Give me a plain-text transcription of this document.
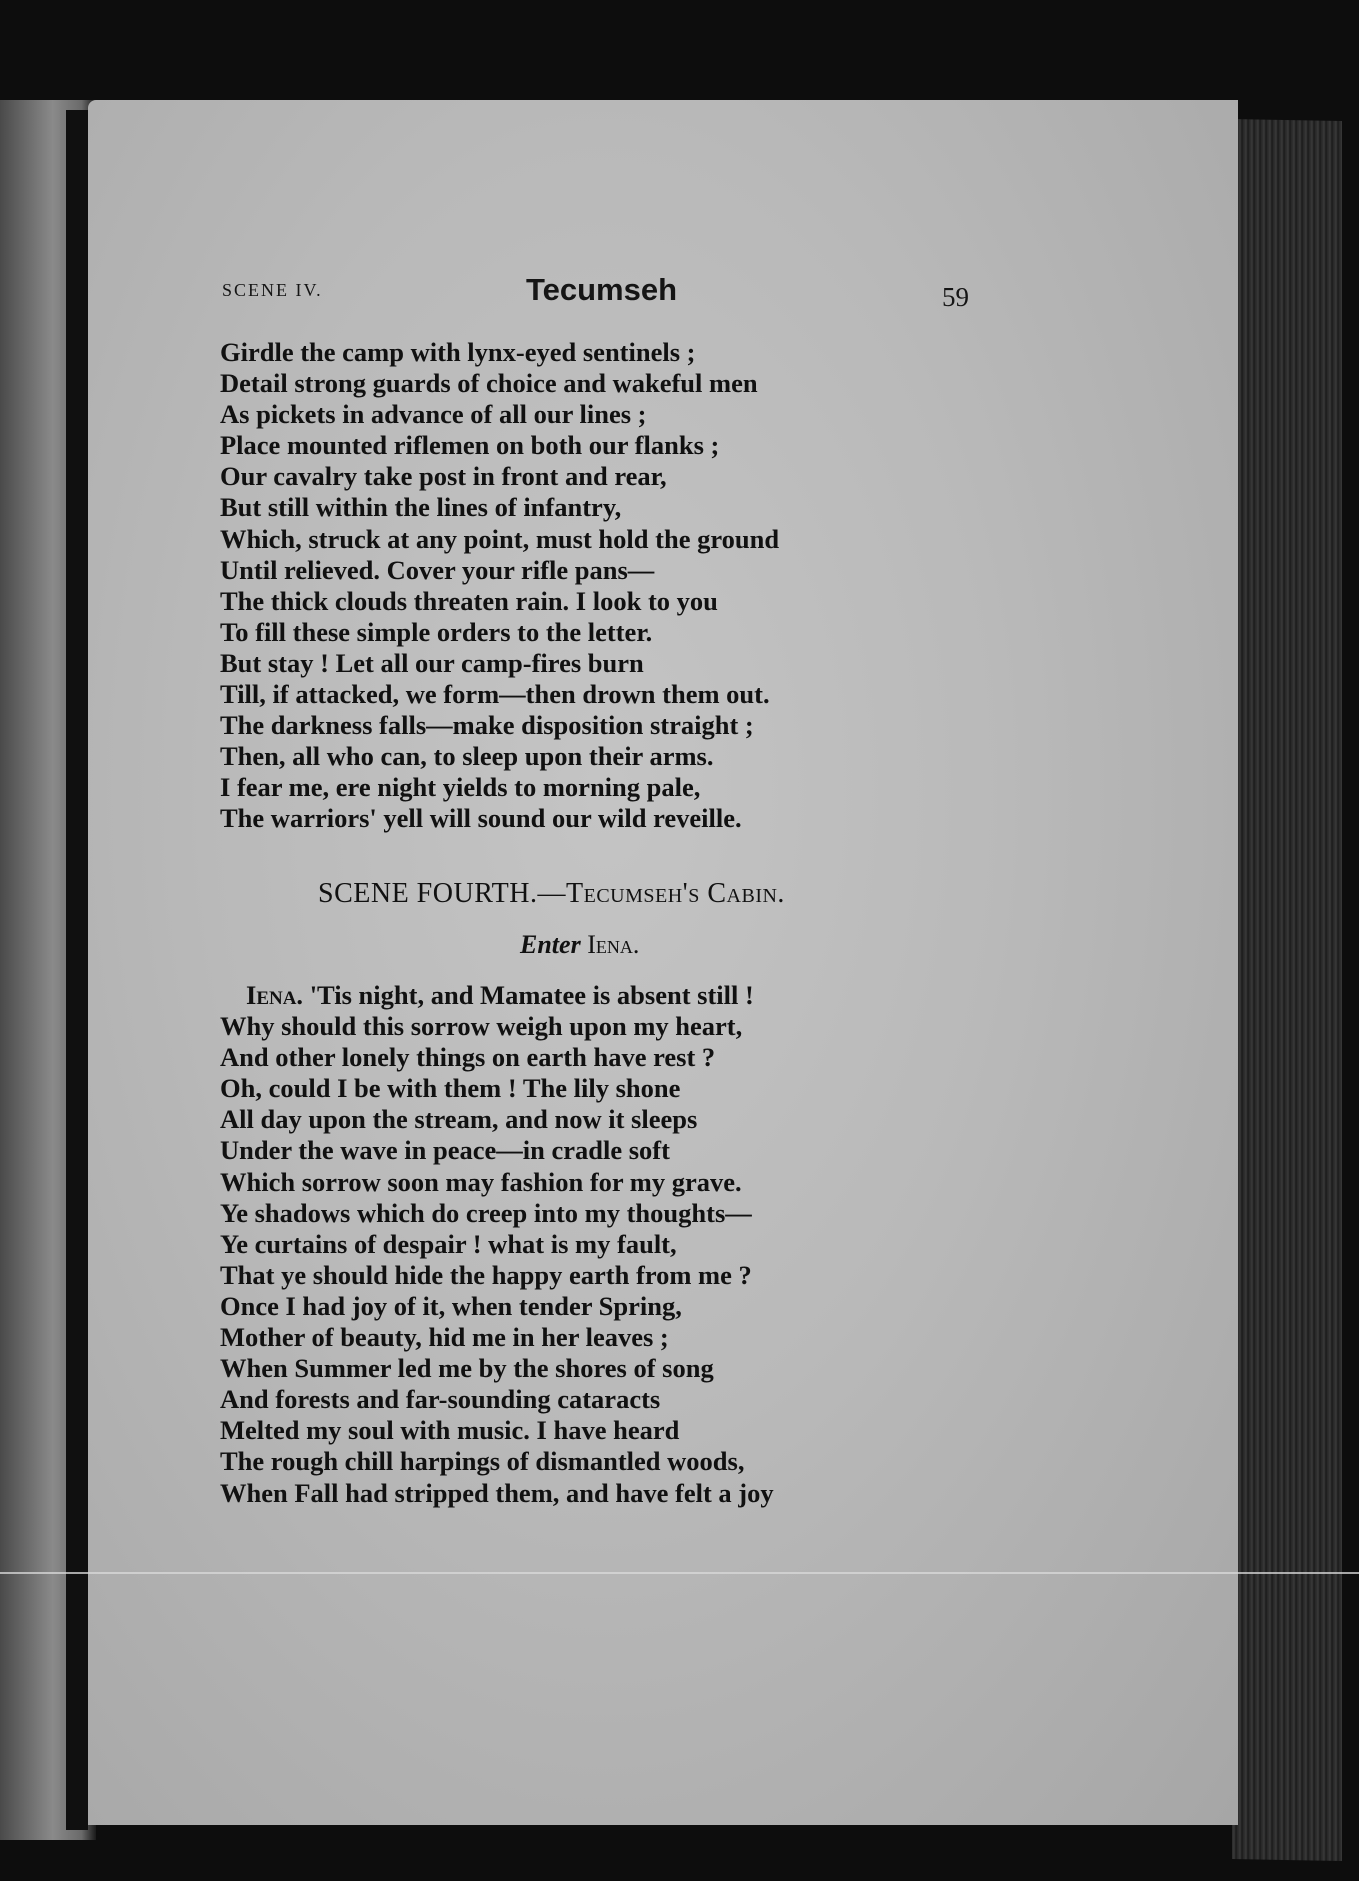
SCENE IV.	Tecumseh	59
Girdle the camp with lynx-eyed sentinels ;
Detail strong guards of choice and wakeful men
As pickets in advance of all our lines ;
Place mounted riflemen on both our flanks ;
Our cavalry take post in front and rear,
But still within the lines of infantry,
Which, struck at any point, must hold the ground
Until relieved. Cover your rifle pans—
The thick clouds threaten rain. I look to you
To fill these simple orders to the letter.
But stay ! Let all our camp-fires burn
Till, if attacked, we form—then drown them out.
The darkness falls—make disposition straight ;
Then, all who can, to sleep upon their arms.
I fear me, ere night yields to morning pale,
The warriors' yell will sound our wild reveille.
SCENE FOURTH.—Tecumseh's Cabin.
Enter Iena.
Iena. 'Tis night, and Mamatee is absent still !
Why should this sorrow weigh upon my heart,
And other lonely things on earth have rest ?
Oh, could I be with them ! The lily shone
All day upon the stream, and now it sleeps
Under the wave in peace—in cradle soft
Which sorrow soon may fashion for my grave.
Ye shadows which do creep into my thoughts—
Ye curtains of despair ! what is my fault,
That ye should hide the happy earth from me ?
Once I had joy of it, when tender Spring,
Mother of beauty, hid me in her leaves ;
When Summer led me by the shores of song
And forests and far-sounding cataracts
Melted my soul with music. I have heard
The rough chill harpings of dismantled woods,
When Fall had stripped them, and have felt a joy
